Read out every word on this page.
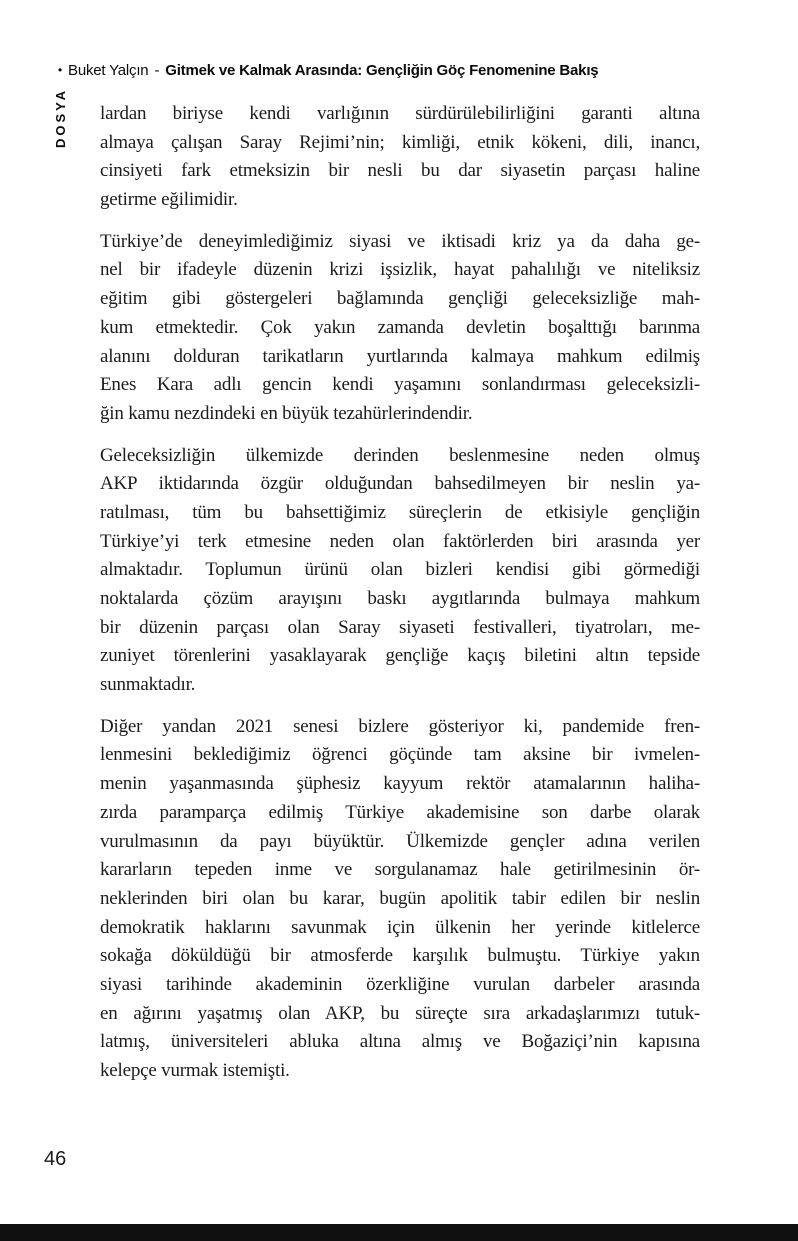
• Buket Yalçın - Gitmek ve Kalmak Arasında: Gençliğin Göç Fenomenine Bakış
DOSYA lardan biriyse kendi varlığının sürdürülebilirliğini garanti altına
almaya çalışan Saray Rejimi’nin; kimliği, etnik kökeni, dili, inancı,
cinsiyeti fark etmeksizin bir nesli bu dar siyasetin parçası haline
getirme eğilimidir.
Türkiye’de deneyimlediğimiz siyasi ve iktisadi kriz ya da daha ge-
nel bir ifadeyle düzenin krizi işsizlik, hayat pahalılığı ve niteliksiz
eğitim gibi göstergeleri bağlamında gençliği geleceksizliğe mah-
kum etmektedir. Çok yakın zamanda devletin boşalttığı barınma
alanını dolduran tarikatların yurtlarında kalmaya mahkum edilmiş
Enes Kara adlı gencin kendi yaşamını sonlandırması geleceksizli-
ğin kamu nezdindeki en büyük tezahürlerindendir.
Geleceksizliğin ülkemizde derinden beslenmesine neden olmuş
AKP iktidarında özgür olduğundan bahsedilmeyen bir neslin ya-
ratılması, tüm bu bahsettiğimiz süreçlerin de etkisiyle gençliğin
Türkiye’yi terk etmesine neden olan faktörlerden biri arasında yer
almaktadır. Toplumun ürünü olan bizleri kendisi gibi görmediği
noktalarda çözüm arayışını baskı aygıtlarında bulmaya mahkum
bir düzenin parçası olan Saray siyaseti festivalleri, tiyatroları, me-
zuniyet törenlerini yasaklayarak gençliğe kaçış biletini altın tepside
sunmaktadır.
Diğer yandan 2021 senesi bizlere gösteriyor ki, pandemide fren-
lenmesini beklediğimiz öğrenci göçünde tam aksine bir ivmelen-
menin yaşanmasında şüphesiz kayyum rektör atamalarının haliha-
zırda paramparça edilmiş Türkiye akademisine son darbe olarak
vurulmasının da payı büyüktür. Ülkemizde gençler adına verilen
kararların tepeden inme ve sorgulanamaz hale getirilmesinin ör-
neklerinden biri olan bu karar, bugün apolitik tabir edilen bir neslin
demokratik haklarını savunmak için ülkenin her yerinde kitlelerce
sokağa döküldüğü bir atmosferde karşılık bulmuştu. Türkiye yakın
siyasi tarihinde akademinin özerkliğine vurulan darbeler arasında
en ağırını yaşatmış olan AKP, bu süreçte sıra arkadaşlarımızı tutuk-
latmış, üniversiteleri abluka altına almış ve Boğaziçi’nin kapısına
kelepçe vurmak istemişti.
46
